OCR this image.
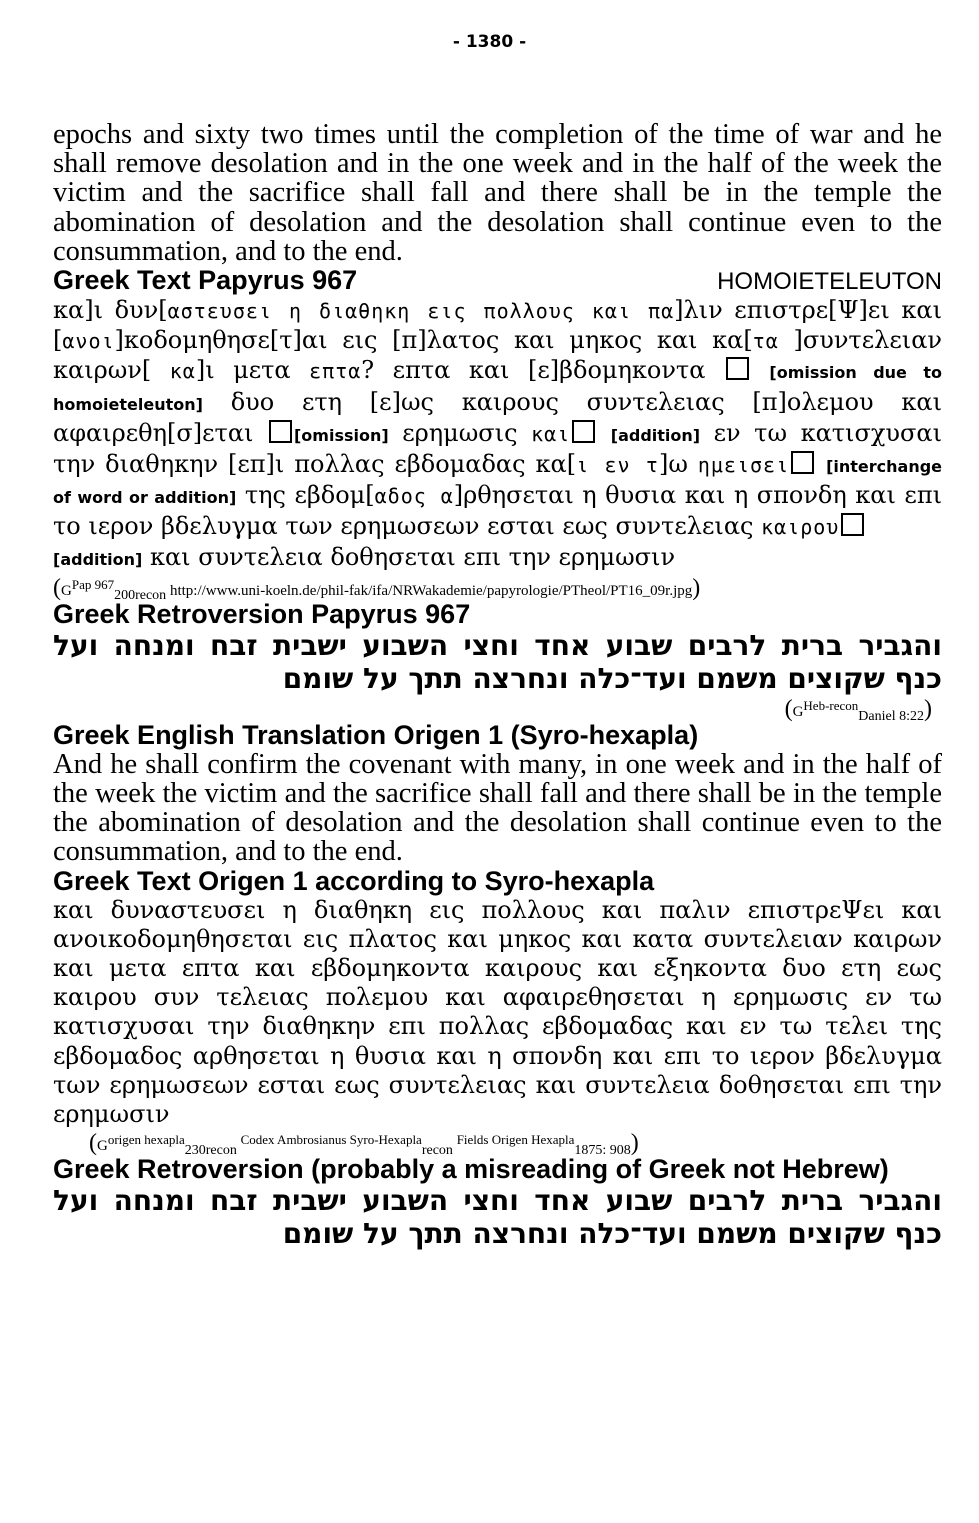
- 1380 -

epochs and sixty two times until the completion of the time of war and he shall remove desolation and in the one week and in the half of the week the victim and the sacrifice shall fall and there shall be in the temple the abomination of desolation and the desolation shall continue even to the consummation, and to the end.

Greek Text Papyrus 967	HOMOIETELEUTON

κα]ι δυν[αστευσει η διαθηκη εις πολλους και πα]λιν επιστρε[Ψ]ει και [ανοι]κοδομηθησε[τ]αι εις [π]λατος και μηκος και κα[τα ]συντελειαν καιρων[ κα]ι μετα επτα? επτα και [ε]βδομηκοντα	[omission due to homoieteleuton] δυο ετη [ε]ως καιρους συντελειας [π]ολεμου και αφαιρεθη[σ]εται [omission] ερημωσις και	[addition] εν τω κατισχυσαι την διαθηκην [επ]ι πολλας εβδομαδας κα[ι εν τ]ω ημεισει [interchange of word or addition] της εβδομ[αδος α]ρθησεται η θυσια και η σπονδη και επι το ιερον βδελυγμα των ερημωσεων εσται εως συντελειας καιρου
[addition] και συντελεια δοθησεται επι την ερημωσιν

($G^{Pap 967}_{200recon}$ http://www.uni-koeln.de/phil-fak/ifa/NRWakademie/papyrologie/PTheol/PT16_09r.jpg)

Greek Retroversion Papyrus 967

והגביר ברית לרבים שבוע אחד וחצי השבוע ישבית זבח ומנחה ועל כנף שקוצים משמם ועד־כלה ונחרצה תתך על שומם

$(G^{Heb-recon}_{Daniel 8:22})$

Greek English Translation Origen 1 (Syro-hexapla)

And he shall confirm the covenant with many, in one week and in the half of the week the victim and the sacrifice shall fall and there shall be in the temple the abomination of desolation and the desolation shall continue even to the consummation, and to the end.

Greek Text Origen 1 according to Syro-hexapla

και δυναστευσει η διαθηκη εις πολλους και παλιν επιστρεΨει και ανοικοδομηθησεται εις πλατος και μηκος και κατα συντελειαν καιρων και μετα επτα και εβδομηκοντα καιρους και εξηκοντα δυο ετη εως καιρου συν τελειας πολεμου και αφαιρεθησεται η ερημωσις εν τω κατισχυσαι την διαθηκην επι πολλας εβδομαδας και εν τω τελει της εβδομαδος αρθησεται η θυσια και η σπονδη και επι το ιερον βδελυγμα των ερημωσεων εσται εως συντελειας και συντελεια δοθησεται επι την ερημωσιν

($G^{origen hexapla}_{230recon}$ $^{Codex Ambrosianus Syro-Hexapla}_{recon}$ $^{Fields Origen Hexapla}_{1875: 908}$)

Greek Retroversion (probably a misreading of Greek not Hebrew)

והגביר ברית לרבים שבוע אחד וחצי השבוע ישבית זבח ומנחה ועל כנף שקוצים משמם ועד־כלה ונחרצה תתך על שומם
